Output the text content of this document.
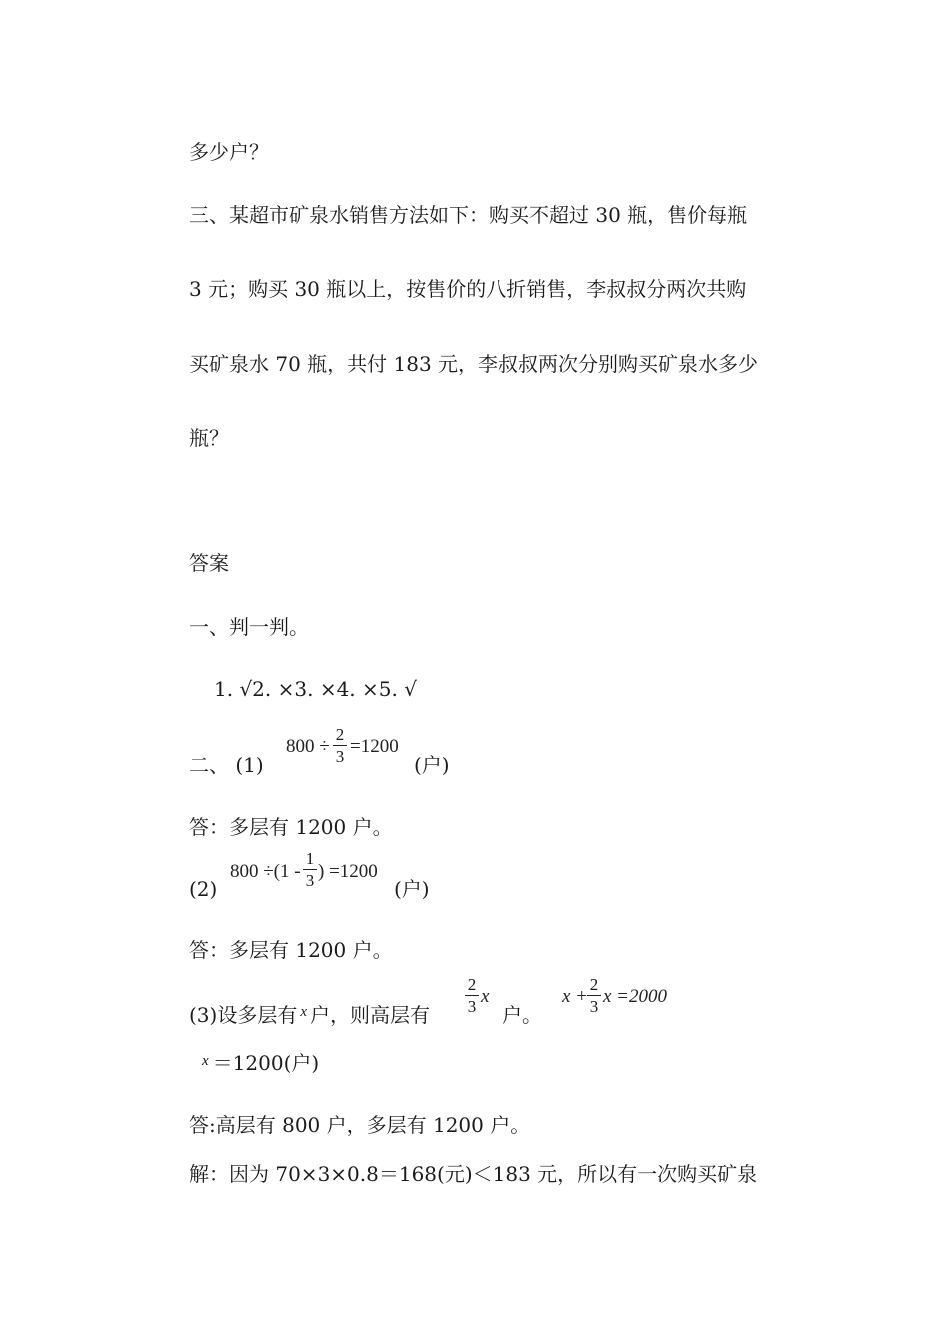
多少户？
三、某超市矿泉水销售方法如下：购买不超过 30 瓶，售价每瓶
3 元；购买 30 瓶以上，按售价的八折销售，李叔叔分两次共购
买矿泉水 70 瓶，共付 183 元，李叔叔两次分别购买矿泉水多少
瓶？
答案
一、判一判。
1. √2. ×3. ×4. ×5. √
二、 (1)
800 ÷
2
3 =1200
(户)
答：多层有 1200 户。
(2)
800 ÷(1 -
1
3 ) =1200
(户)
答：多层有 1200 户。
(3)设多层有 $^x$ 户，则高层有
2
3 x
户。
x +
2
3 x =2000
$^x$ ＝1200(户)
答:高层有 800 户，多层有 1200 户。
解：因为 70×3×0.8＝168(元)＜183 元，所以有一次购买矿泉
